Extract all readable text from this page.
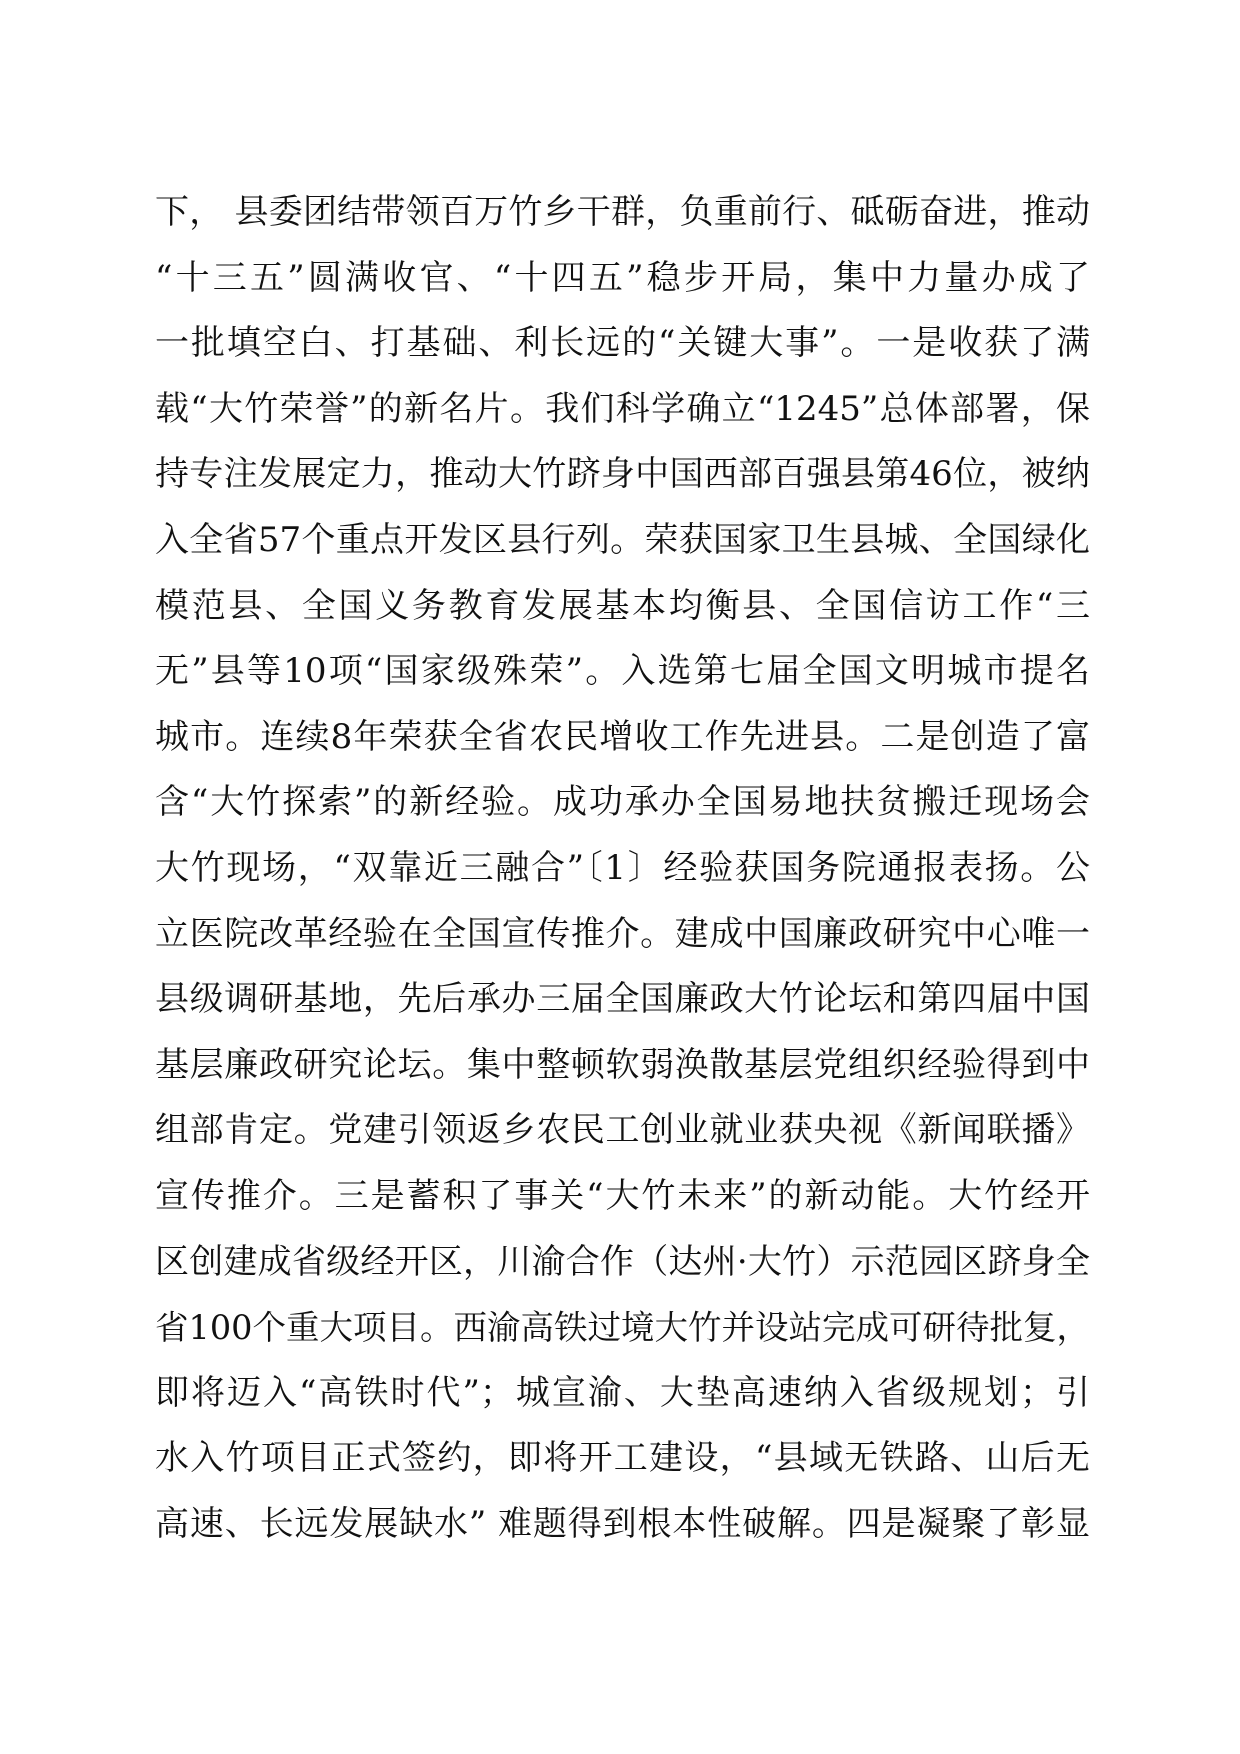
下， 县委团结带领百万竹乡干群，负重前行、砥砺奋进，推动
“十三五”圆满收官、“十四五”稳步开局，集中力量办成了
一批填空白、打基础、利长远的“关键大事”。一是收获了满
载“大竹荣誉”的新名片。我们科学确立“1245”总体部署，保
持专注发展定力，推动大竹跻身中国西部百强县第46位，被纳
入全省57个重点开发区县行列。荣获国家卫生县城、全国绿化
模范县、全国义务教育发展基本均衡县、全国信访工作“三
无”县等10项“国家级殊荣”。入选第七届全国文明城市提名
城市。连续8年荣获全省农民增收工作先进县。二是创造了富
含“大竹探索”的新经验。成功承办全国易地扶贫搬迁现场会
大竹现场，“双靠近三融合”〔1〕经验获国务院通报表扬。公
立医院改革经验在全国宣传推介。建成中国廉政研究中心唯一
县级调研基地，先后承办三届全国廉政大竹论坛和第四届中国
基层廉政研究论坛。集中整顿软弱涣散基层党组织经验得到中
组部肯定。党建引领返乡农民工创业就业获央视《新闻联播》
宣传推介。三是蓄积了事关“大竹未来”的新动能。大竹经开
区创建成省级经开区，川渝合作（达州·大竹）示范园区跻身全
省100个重大项目。西渝高铁过境大竹并设站完成可研待批复，
即将迈入“高铁时代”；城宣渝、大垫高速纳入省级规划；引
水入竹项目正式签约，即将开工建设，“县域无铁路、山后无
高速、长远发展缺水” 难题得到根本性破解。四是凝聚了彰显
